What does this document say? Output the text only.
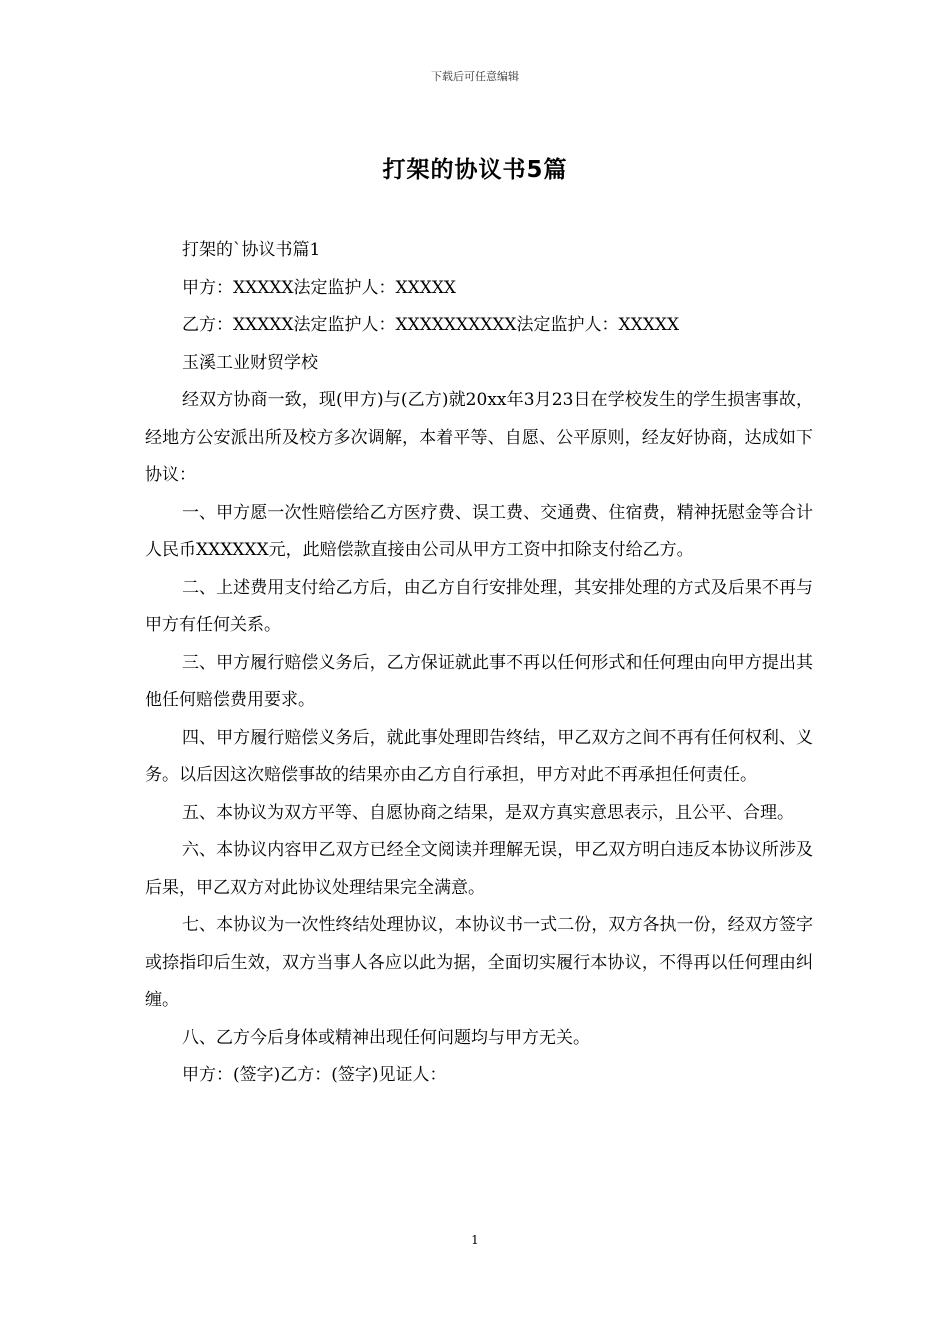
下载后可任意编辑
打架的协议书5篇

打架的`协议书篇1

甲方：XXXXX法定监护人：XXXXX

乙方：XXXXX法定监护人：XXXXXXXXXX法定监护人：XXXXX

玉溪工业财贸学校

经双方协商一致，现(甲方)与(乙方)就20xx年3月23日在学校发生的学生损害事故，经地方公安派出所及校方多次调解，本着平等、自愿、公平原则，经友好协商，达成如下协议：

一、甲方愿一次性赔偿给乙方医疗费、误工费、交通费、住宿费，精神抚慰金等合计人民币XXXXXX元，此赔偿款直接由公司从甲方工资中扣除支付给乙方。

二、上述费用支付给乙方后，由乙方自行安排处理，其安排处理的方式及后果不再与甲方有任何关系。

三、甲方履行赔偿义务后，乙方保证就此事不再以任何形式和任何理由向甲方提出其他任何赔偿费用要求。

四、甲方履行赔偿义务后，就此事处理即告终结，甲乙双方之间不再有任何权利、义务。以后因这次赔偿事故的结果亦由乙方自行承担，甲方对此不再承担任何责任。

五、本协议为双方平等、自愿协商之结果，是双方真实意思表示，且公平、合理。

六、本协议内容甲乙双方已经全文阅读并理解无误，甲乙双方明白违反本协议所涉及后果，甲乙双方对此协议处理结果完全满意。

七、本协议为一次性终结处理协议，本协议书一式二份，双方各执一份，经双方签字或捺指印后生效，双方当事人各应以此为据，全面切实履行本协议，不得再以任何理由纠缠。

八、乙方今后身体或精神出现任何问题均与甲方无关。

甲方：(签字)乙方：(签字)见证人：

1
